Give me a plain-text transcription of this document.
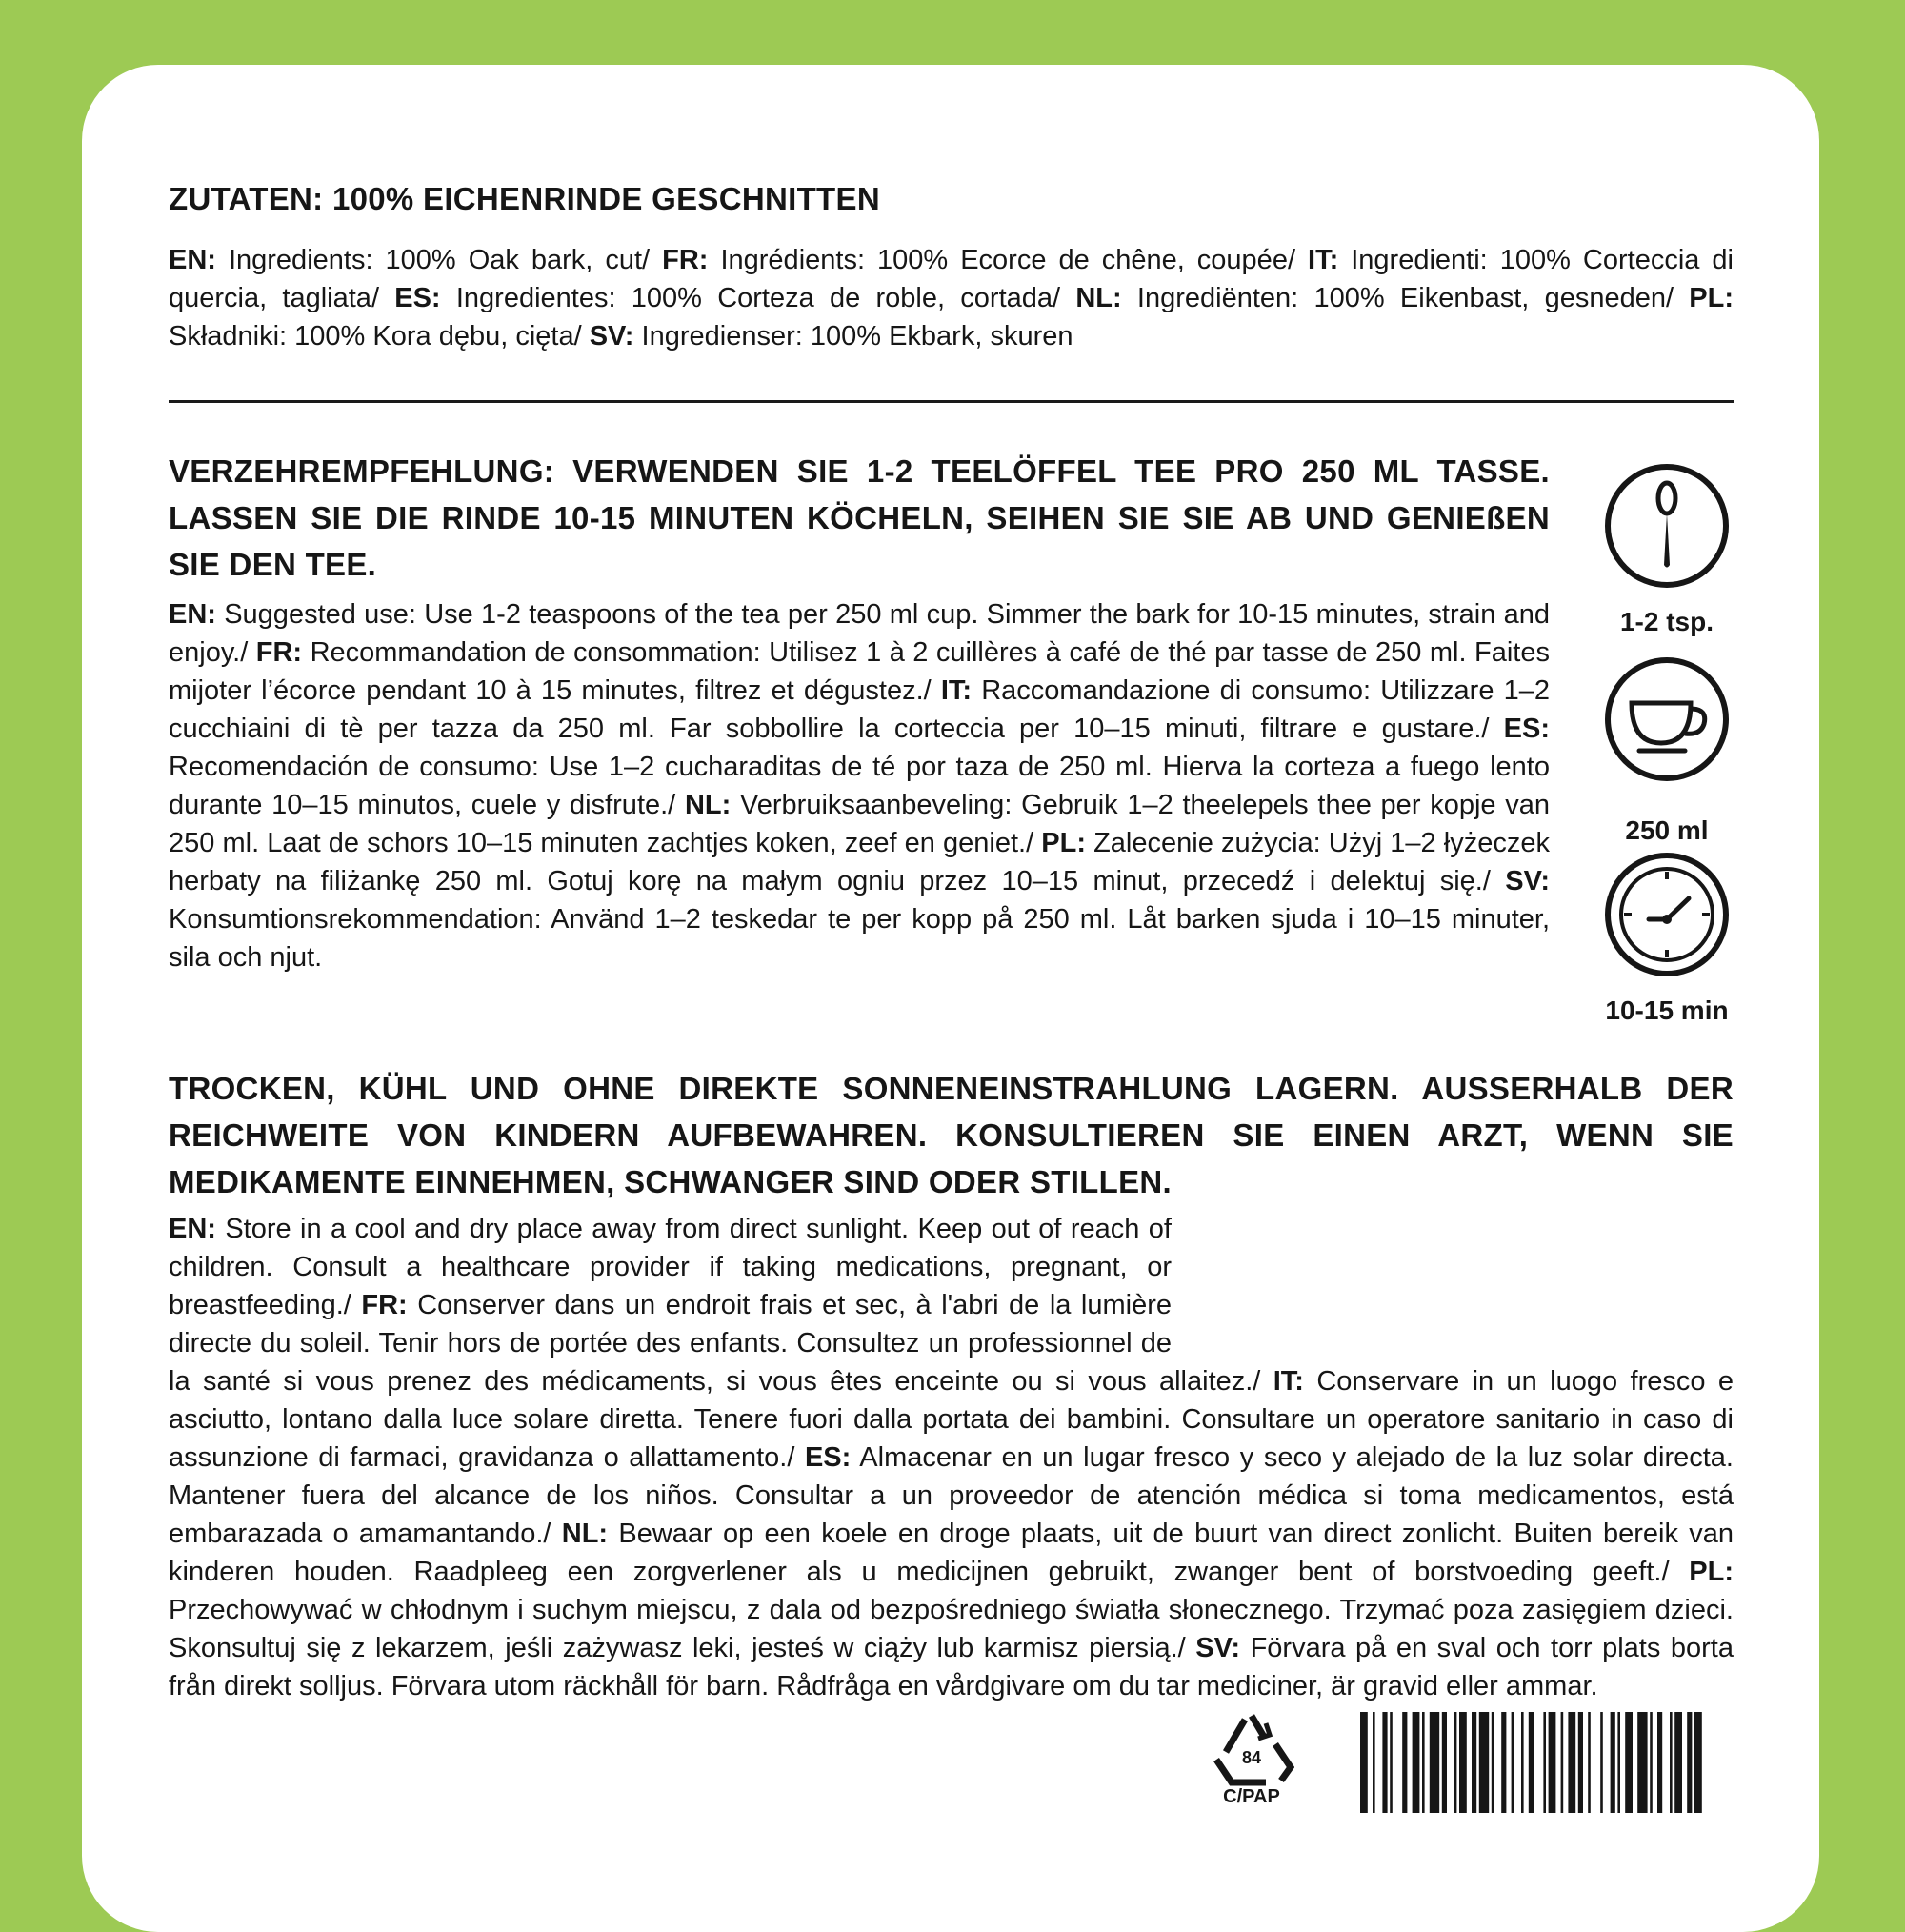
ZUTATEN: 100% EICHENRINDE GESCHNITTEN

EN: Ingredients: 100% Oak bark, cut/ FR: Ingrédients: 100% Ecorce de chêne, coupée/ IT: Ingredienti: 100% Corteccia di quercia, tagliata/ ES: Ingredientes: 100% Corteza de roble, cortada/ NL: Ingrediënten: 100% Eikenbast, gesneden/ PL: Składniki: 100% Kora dębu, cięta/ SV: Ingredienser: 100% Ekbark, skuren

VERZEHREMPFEHLUNG: VERWENDEN SIE 1-2 TEELÖFFEL TEE PRO 250 ML TASSE. LASSEN SIE DIE RINDE 10-15 MINUTEN KÖCHELN, SEIHEN SIE SIE AB UND GENIEßEN SIE DEN TEE.

EN: Suggested use: Use 1-2 teaspoons of the tea per 250 ml cup. Simmer the bark for 10-15 minutes, strain and enjoy./ FR: Recommandation de consommation: Utilisez 1 à 2 cuillères à café de thé par tasse de 250 ml. Faites mijoter l’écorce pendant 10 à 15 minutes, filtrez et dégustez./ IT: Raccomandazione di consumo: Utilizzare 1–2 cucchiaini di tè per tazza da 250 ml. Far sobbollire la corteccia per 10–15 minuti, filtrare e gustare./ ES: Recomendación de consumo: Use 1–2 cucharaditas de té por taza de 250 ml. Hierva la corteza a fuego lento durante 10–15 minutos, cuele y disfrute./ NL: Verbruiksaanbeveling: Gebruik 1–2 theelepels thee per kopje van 250 ml. Laat de schors 10–15 minuten zachtjes koken, zeef en geniet./ PL: Zalecenie zużycia: Użyj 1–2 łyżeczek herbaty na filiżankę 250 ml. Gotuj korę na małym ogniu przez 10–15 minut, przecedź i delektuj się./ SV: Konsumtionsrekommendation: Använd 1–2 teskedar te per kopp på 250 ml. Låt barken sjuda i 10–15 minuter, sila och njut.

1-2 tsp.
250 ml
10-15 min
TROCKEN, KÜHL UND OHNE DIREKTE SONNENEINSTRAHLUNG LAGERN. AUSSERHALB DER REICHWEITE VON KINDERN AUFBEWAHREN. KONSULTIEREN SIE EINEN ARZT, WENN SIE MEDIKAMENTE EINNEHMEN, SCHWANGER SIND ODER STILLEN.

EN: Store in a cool and dry place away from direct sunlight. Keep out of reach of children. Consult a healthcare provider if taking medications, pregnant, or breastfeeding./ FR: Conserver dans un endroit frais et sec, à l'abri de la lumière directe du soleil. Tenir hors de portée des enfants. Consultez un professionnel de la santé si vous prenez des médicaments, si vous êtes enceinte ou si vous allaitez./ IT: Conservare in un luogo fresco e asciutto, lontano dalla luce solare diretta. Tenere fuori dalla portata dei bambini. Consultare un operatore sanitario in caso di assunzione di farmaci, gravidanza o allattamento./ ES: Almacenar en un lugar fresco y seco y alejado de la luz solar directa. Mantener fuera del alcance de los niños. Consultar a un proveedor de atención médica si toma medicamentos, está embarazada o amamantando./ NL: Bewaar op een koele en droge plaats, uit de buurt van direct zonlicht. Buiten bereik van kinderen houden. Raadpleeg een zorgverlener als u medicijnen gebruikt, zwanger bent of borstvoeding geeft./ PL: Przechowywać w chłodnym i suchym miejscu, z dala od bezpośredniego światła słonecznego. Trzymać poza zasięgiem dzieci. Skonsultuj się z lekarzem, jeśli zażywasz leki, jesteś w ciąży lub karmisz piersią./ SV: Förvara på en sval och torr plats borta från direkt solljus. Förvara utom räckhåll för barn. Rådfråga en vårdgivare om du tar mediciner, är gravid eller ammar.

84
C/PAP
